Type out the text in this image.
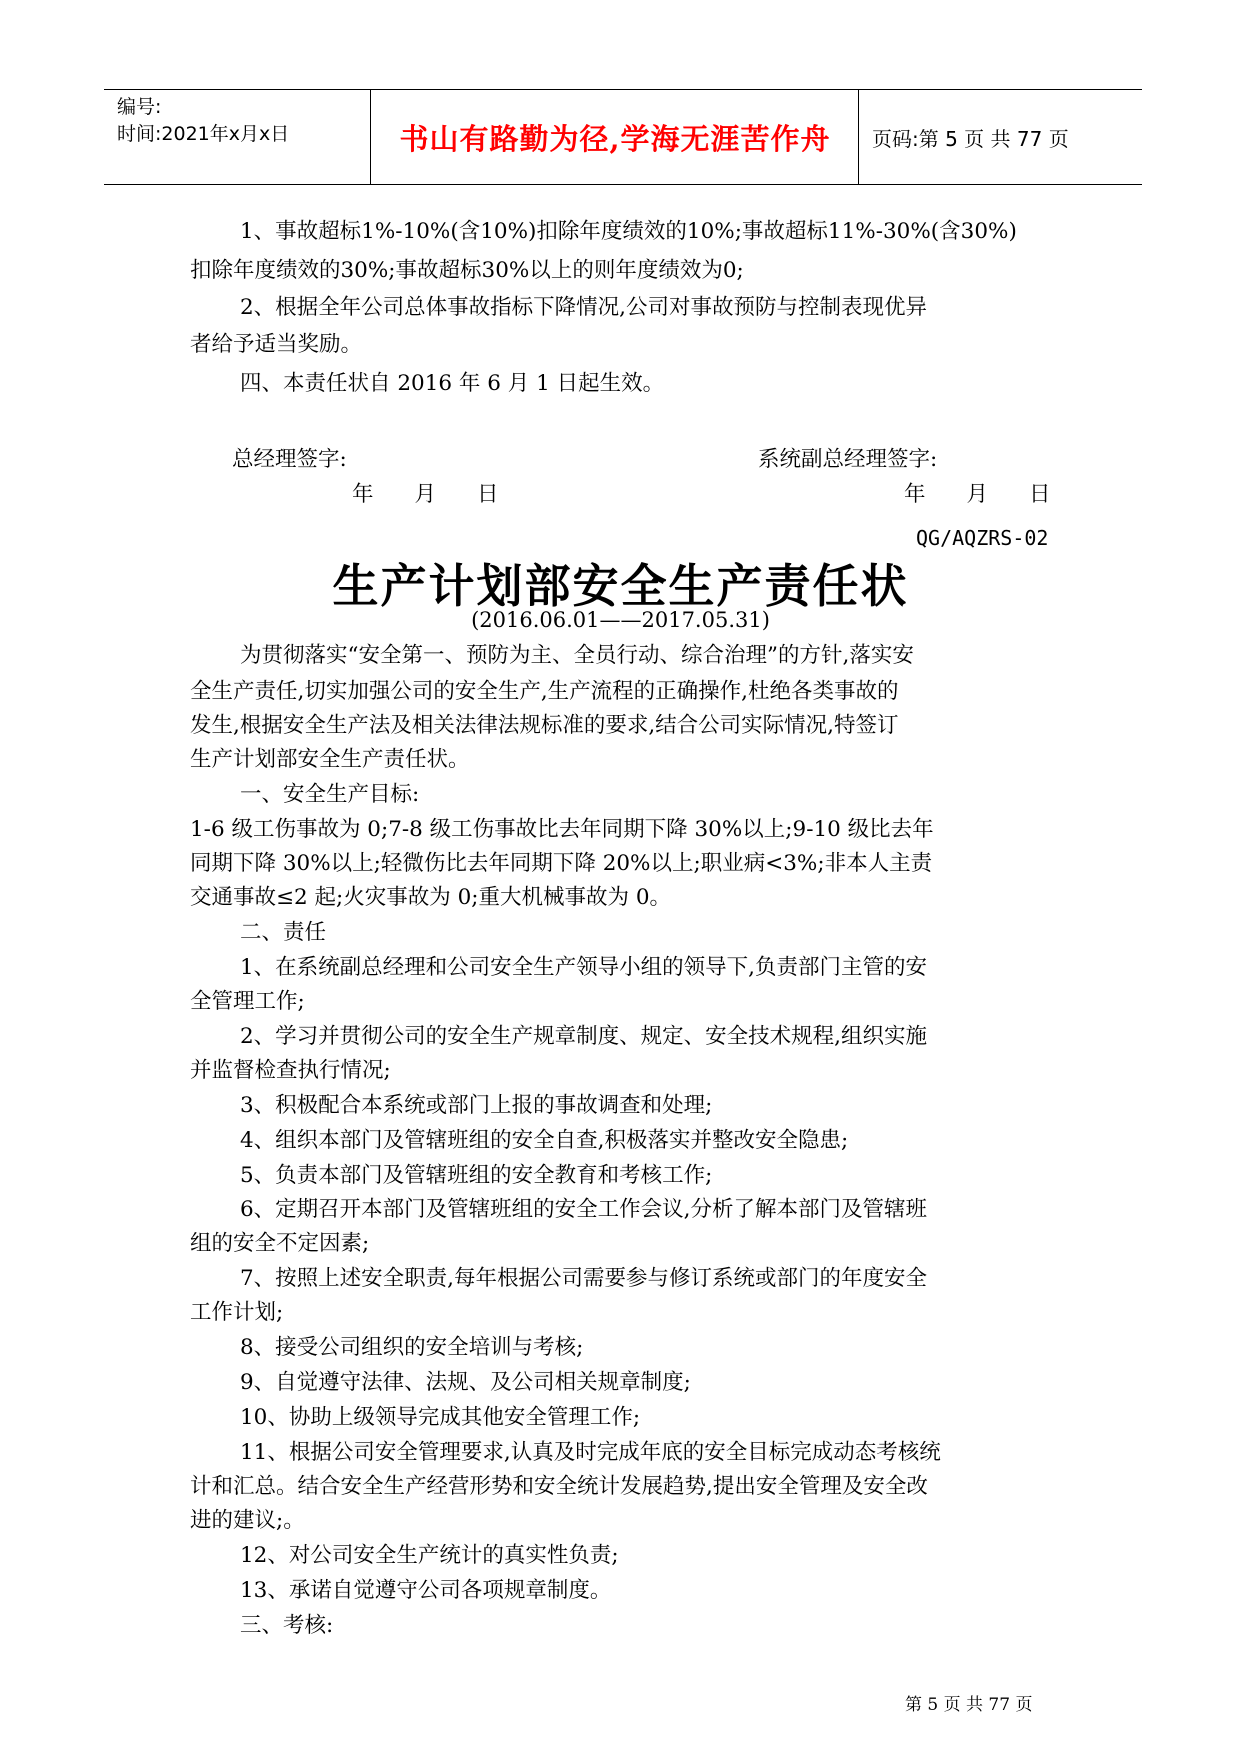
编号:
时间:2021年x月x日	书山有路勤为径,学海无涯苦作舟	页码:第 5 页 共 77 页
1、事故超标1%-10%(含10%)扣除年度绩效的10%;事故超标11%-30%(含30%)
扣除年度绩效的30%;事故超标30%以上的则年度绩效为0;
2、根据全年公司总体事故指标下降情况,公司对事故预防与控制表现优异
者给予适当奖励。
四、本责任状自 2016 年 6 月 1 日起生效。
总经理签字:	系统副总经理签字:
年      月      日	年      月      日
QG/AQZRS-02
生产计划部安全生产责任状
(2016.06.01——2017.05.31)
为贯彻落实“安全第一、预防为主、全员行动、综合治理”的方针,落实安
全生产责任,切实加强公司的安全生产,生产流程的正确操作,杜绝各类事故的
发生,根据安全生产法及相关法律法规标准的要求,结合公司实际情况,特签订
生产计划部安全生产责任状。
一、安全生产目标:
1-6 级工伤事故为 0;7-8 级工伤事故比去年同期下降 30%以上;9-10 级比去年
同期下降 30%以上;轻微伤比去年同期下降 20%以上;职业病<3%;非本人主责
交通事故≤2 起;火灾事故为 0;重大机械事故为 0。
二、责任
1、在系统副总经理和公司安全生产领导小组的领导下,负责部门主管的安
全管理工作;
2、学习并贯彻公司的安全生产规章制度、规定、安全技术规程,组织实施
并监督检查执行情况;
3、积极配合本系统或部门上报的事故调查和处理;
4、组织本部门及管辖班组的安全自查,积极落实并整改安全隐患;
5、负责本部门及管辖班组的安全教育和考核工作;
6、定期召开本部门及管辖班组的安全工作会议,分析了解本部门及管辖班
组的安全不定因素;
7、按照上述安全职责,每年根据公司需要参与修订系统或部门的年度安全
工作计划;
8、接受公司组织的安全培训与考核;
9、自觉遵守法律、法规、及公司相关规章制度;
10、协助上级领导完成其他安全管理工作;
11、根据公司安全管理要求,认真及时完成年底的安全目标完成动态考核统
计和汇总。结合安全生产经营形势和安全统计发展趋势,提出安全管理及安全改
进的建议;。
12、对公司安全生产统计的真实性负责;
13、承诺自觉遵守公司各项规章制度。
三、考核:
第 5 页 共 77 页
